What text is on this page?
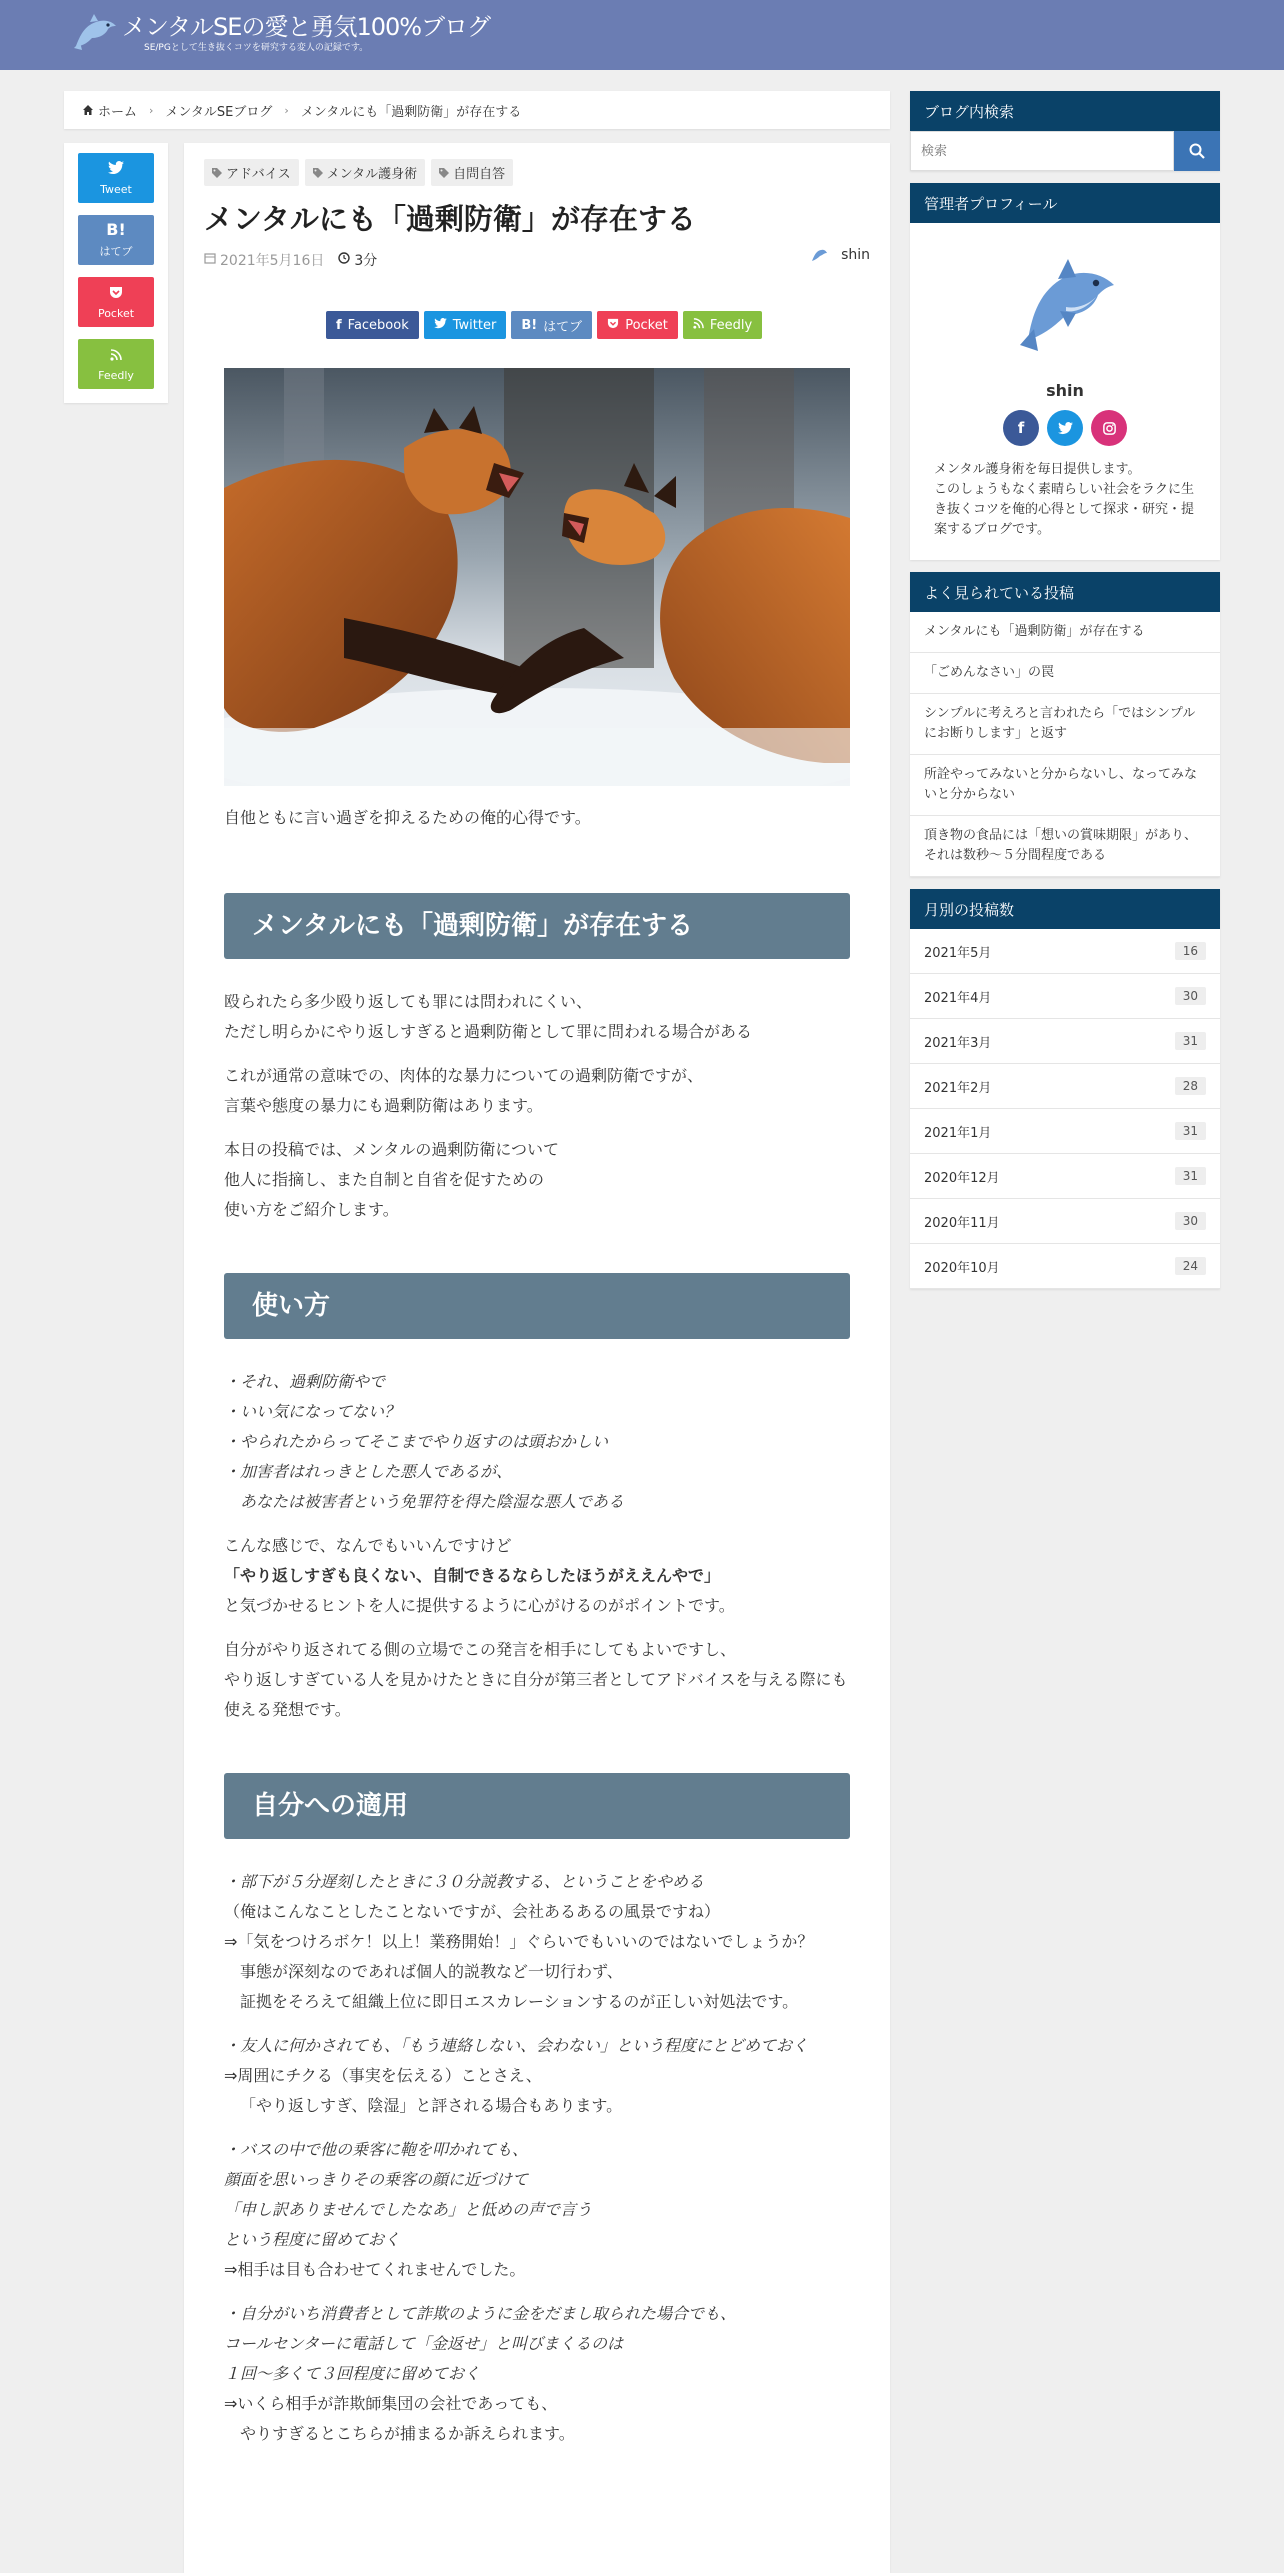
メンタルSEの愛と勇気100%ブログ
SE/PGとして生き抜くコツを研究する変人の記録です。
ホーム › メンタルSEブログ › メンタルにも「過剰防衛」が存在する
Tweet
B!
はてブ
Pocket
Feedly
アドバイス	メンタル護身術	自問自答
メンタルにも「過剰防衛」が存在する
2021年5月16日 3分	shin
f Facebook	Twitter B! はてブ	Pocket	Feedly

自他ともに言い過ぎを抑えるための俺的心得です。

メンタルにも「過剰防衛」が存在する

殴られたら多少殴り返しても罪には問われにくい、
ただし明らかにやり返しすぎると過剰防衛として罪に問われる場合がある

これが通常の意味での、肉体的な暴力についての過剰防衛ですが、
言葉や態度の暴力にも過剰防衛はあります。

本日の投稿では、メンタルの過剰防衛について
他人に指摘し、また自制と自省を促すための
使い方をご紹介します。

使い方

・それ、過剰防衛やで
・いい気になってない？
・やられたからってそこまでやり返すのは頭おかしい
・加害者はれっきとした悪人であるが、
あなたは被害者という免罪符を得た陰湿な悪人である

こんな感じで、なんでもいいんですけど
「やり返しすぎも良くない、自制できるならしたほうがええんやで」
と気づかせるヒントを人に提供するように心がけるのがポイントです。

自分がやり返されてる側の立場でこの発言を相手にしてもよいですし、
やり返しすぎている人を見かけたときに自分が第三者としてアドバイスを与える際にも使える発想です。

自分への適用

・部下が５分遅刻したときに３０分説教する、ということをやめる
（俺はこんなことしたことないですが、会社あるあるの風景ですね）
⇒「気をつけろボケ！以上！業務開始！」ぐらいでもいいのではないでしょうか？
事態が深刻なのであれば個人的説教など一切行わず、
証拠をそろえて組織上位に即日エスカレーションするのが正しい対処法です。

・友人に何かされても、「もう連絡しない、会わない」という程度にとどめておく
⇒周囲にチクる（事実を伝える）ことさえ、
「やり返しすぎ、陰湿」と評される場合もあります。

・バスの中で他の乗客に鞄を叩かれても、
顔面を思いっきりその乗客の顔に近づけて
「申し訳ありませんでしたなあ」と低めの声で言う
という程度に留めておく
⇒相手は目も合わせてくれませんでした。

・自分がいち消費者として詐欺のように金をだまし取られた場合でも、
コールセンターに電話して「金返せ」と叫びまくるのは
１回〜多くて３回程度に留めておく
⇒いくら相手が詐欺師集団の会社であっても、
やりすぎるとこちらが捕まるか訴えられます。

ブログ内検索
検索
管理者プロフィール
shin
f
メンタル護身術を毎日提供します。
このしょうもなく素晴らしい社会をラクに生き抜くコツを俺的心得として探求・研究・提案するブログです。
よく見られている投稿
メンタルにも「過剰防衛」が存在する
「ごめんなさい」の罠
シンプルに考えろと言われたら「ではシンプルにお断りします」と返す
所詮やってみないと分からないし、なってみないと分からない
頂き物の食品には「想いの賞味期限」があり、それは数秒～５分間程度である
月別の投稿数
2021年5月	16
2021年4月	30
2021年3月	31
2021年2月	28
2021年1月	31
2020年12月	31
2020年11月	30
2020年10月	24
